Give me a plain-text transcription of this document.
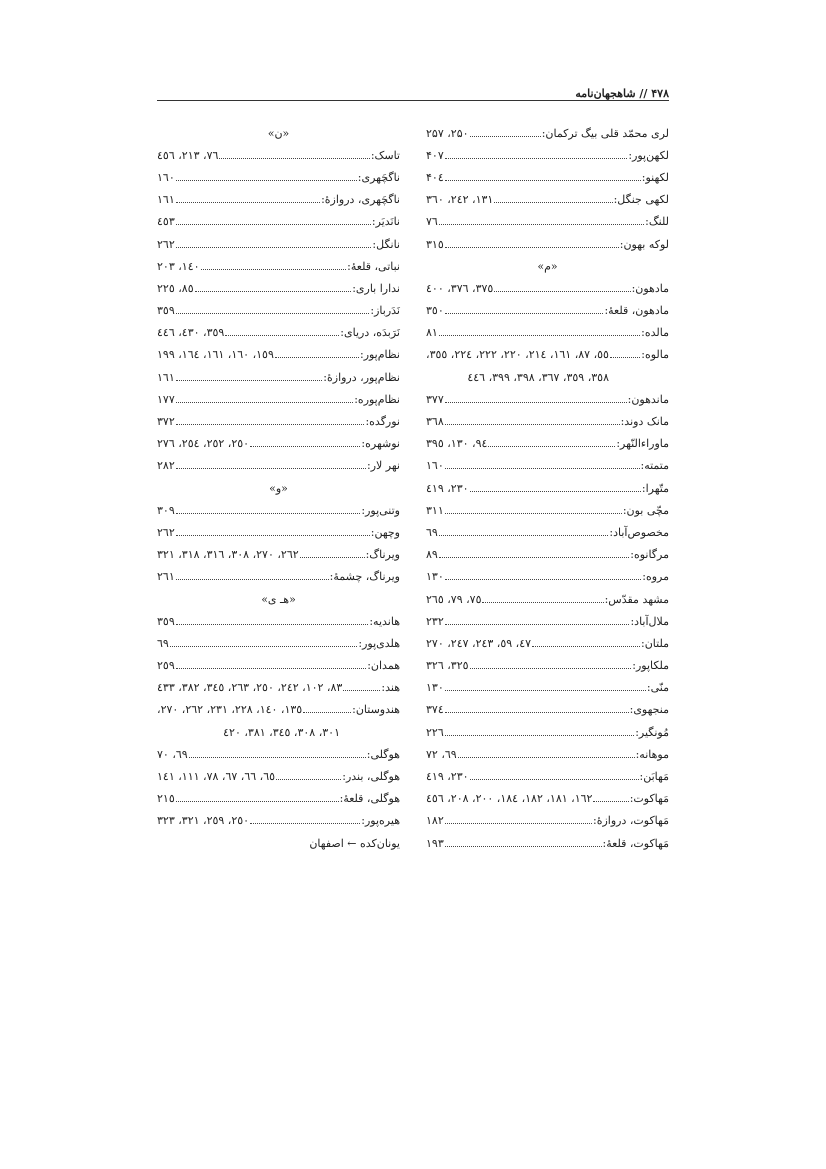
۴۷۸ // شاهجهان‌نامه
لری محمّد قلی بیگ ترکمان:
۲۵۰، ۲۵۷
لکهن‌پور:
۴۰۷
لکهنو:
۴۰٤
لکهی جنگل:
۱۳۱، ۲٤۲، ۳٦۰
للنگ:
۷٦
لوکه بهون:
۳۱٥
«م»
مادهون:
۳۷٥، ۳۷٦، ٤۰۰
مادهون، قلعهٔ:
۳٥۰
مالده:
۸۱
مالوه:
٥٥، ۸۷، ۱٦۱، ۲۱٤، ۲۲۰، ۲۲۲، ۲۲٤، ۳٥٥،
۳٥۸، ۳٥۹، ۳٦۷، ۳۹۸، ۳۹۹، ٤٤٦
ماندهون:
۳۷۷
مانک دوند:
۳٦۸
ماوراءالنّهر:
۹٤، ۱۳۰، ۳۹٥
متمته:
۱٦۰
متّهرا:
۲۳۰، ٤۱۹
مچّی بون:
۳۱۱
مخصوص‌آباد:
٦۹
مرگانوه:
۸۹
مروه:
۱۳۰
مشهد مقدّس:
۷٥، ۷۹، ۲٦٥
ملال‌آباد:
۲۳۲
ملتان:
٤۷، ٥۹، ۲٤۳، ۲٤۷، ۲۷۰
ملکاپور:
۳۲٥، ۳۲٦
منّی:
۱۳۰
منجهوی:
۳۷٤
مُونگیر:
۲۲٦
موهانه:
٦۹، ۷۲
مَهابَن:
۲۳۰، ٤۱۹
مَهاکوت:
۱٦۲، ۱۸۱، ۱۸۲، ۱۸٤، ۲۰۰، ۲۰۸، ٤٥٦
مَهاکوت، دروازهٔ:
۱۸۲
مَهاکوت، قلعهٔ:
۱۹۳
«ن»
تاسک:
۷٦، ۲۱۳، ٤٥٦
ناگچَهری:
۱٦۰
ناگچَهری، دروازهٔ:
۱٦۱
نانَدیَر:
٤٥۳
نانگل:
۲٦۲
نباتی، قلعهٔ:
۱٤۰، ۲۰۳
ندارا باری:
۸٥، ۲۲٥
نَدَرباز:
۳٥۹
نَرَبدَه، دریای:
۳٥۹، ٤۳۰، ٤٤٦
نظام‌پور:
۱٥۹، ۱٦۰، ۱٦۱، ۱٦٤، ۱۹۹
نظام‌پور، دروازهٔ:
۱٦۱
نظام‌پوره:
۱۷۷
نورگده:
۳۷۲
نوشهره:
۲٥۰، ۲٥۲، ۲٥٤، ۲۷٦
نهر لار:
۲۸۲
«و»
وتنی‌پور:
۳۰۹
وچهن:
۲٦۲
ویرناگ:
۲٦۲، ۲۷۰، ۳۰۸، ۳۱٦، ۳۱۸، ۳۲۱
ویرناگ، چشمهٔ:
۲٦۱
«هـ ی»
هاندیه:
۳٥۹
هلدی‌پور:
٦۹
همدان:
۲٥۹
هند:
۸۳، ۱۰۲، ۲٤۲، ۲٥۰، ۲٦۳، ۳٤٥، ۳۸۲، ٤۳۳
هندوستان:
۱۳٥، ۱٤۰، ۲۲۸، ۲۳۱، ۲٦۲، ۲۷۰،
۳۰۱، ۳۰۸، ۳٤٥، ۳۸۱، ٤۲۰
هوگلی:
٦۹، ۷۰
هوگلی، بندر:
٦٥، ٦٦، ٦۷، ۷۸، ۱۱۱، ۱٤۱
هوگلی، قلعهٔ:
۲۱٥
هیره‌پور:
۲٥۰، ۲٥۹، ۳۲۱، ۳۲۳
یونان‌کده ← اصفهان
